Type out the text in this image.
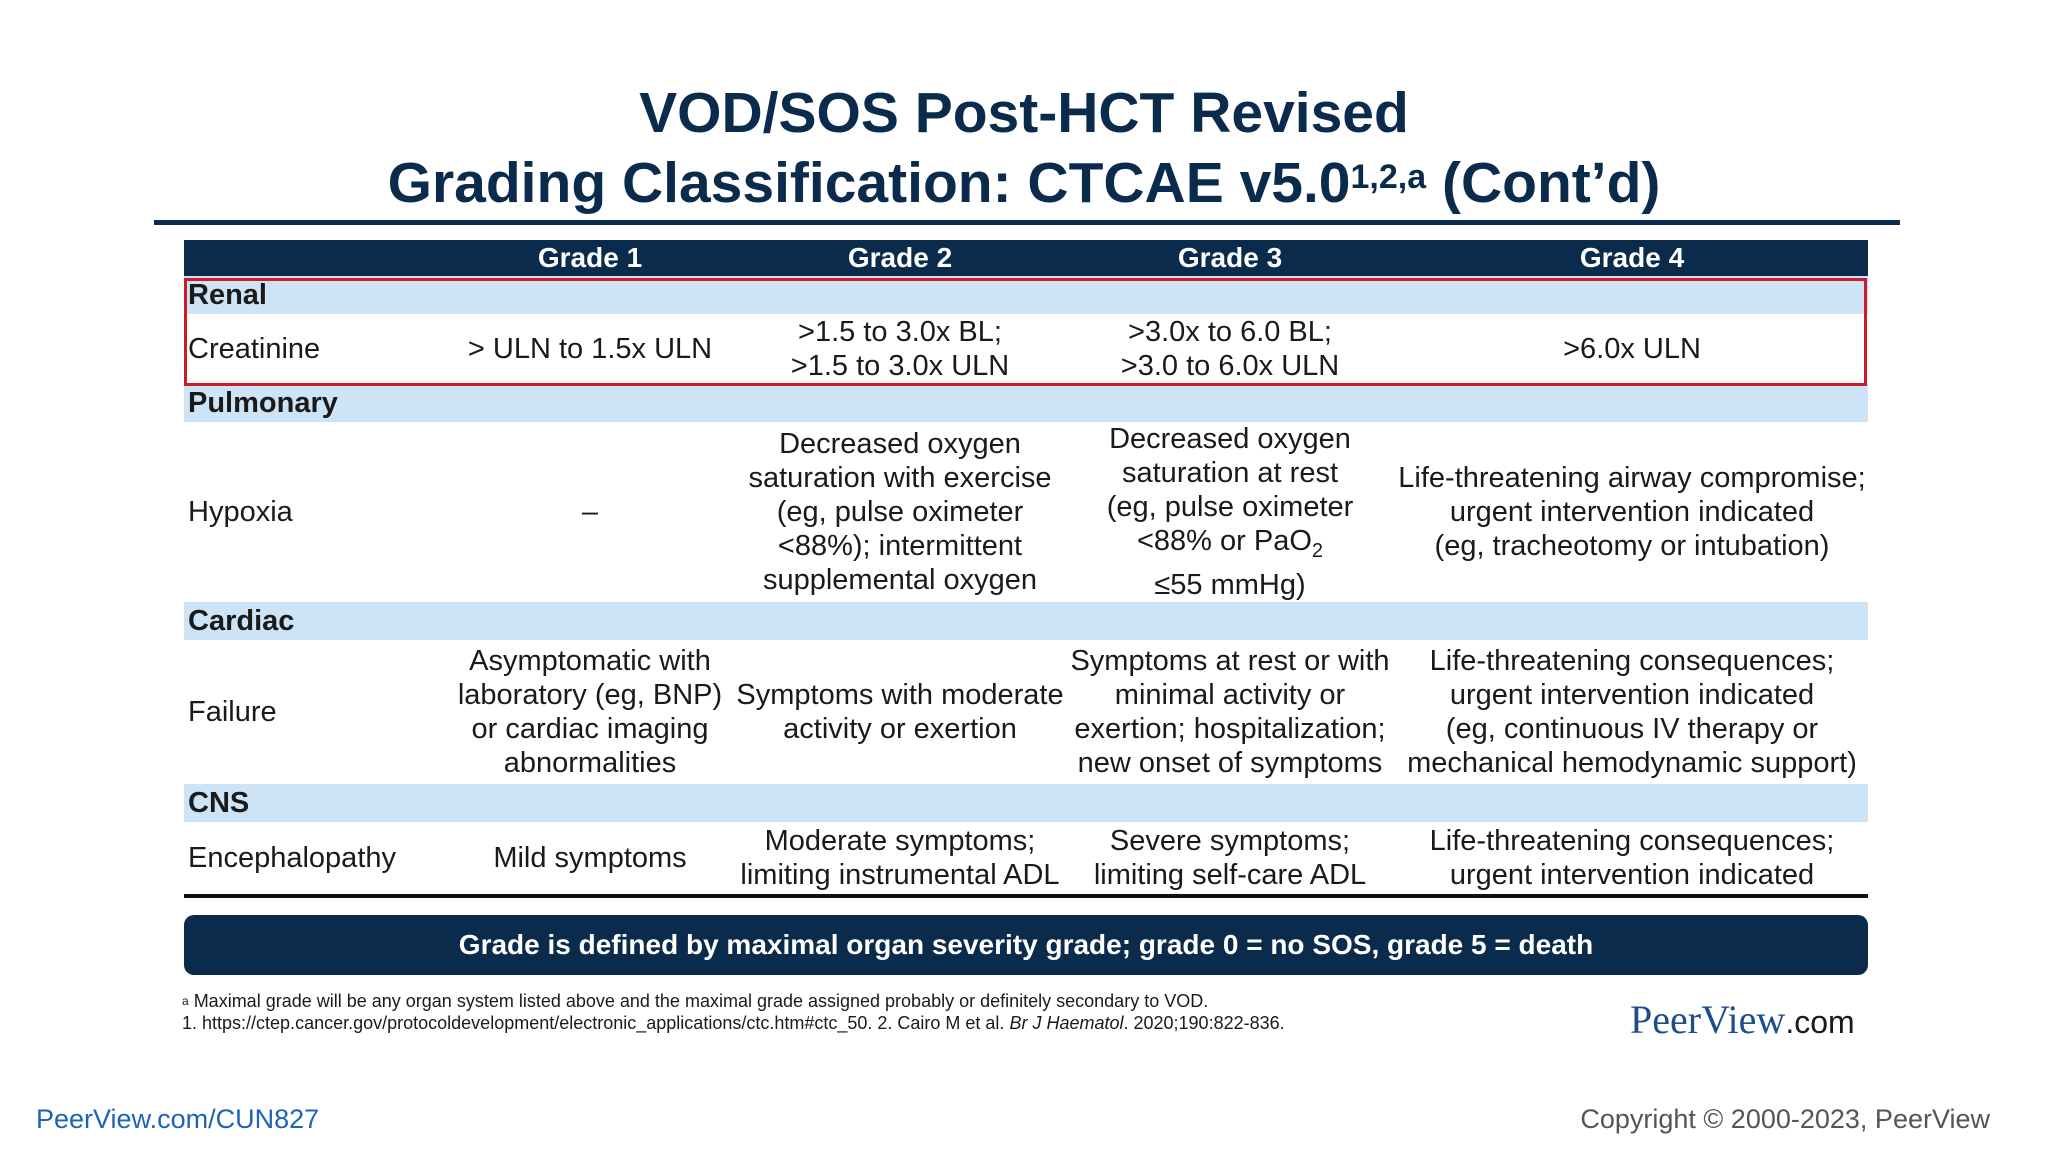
VOD/SOS Post-HCT Revised
Grading Classification: CTCAE v5.0$^{1,2,a}$ (Cont’d)
	Grade 1	Grade 2	Grade 3	Grade 4
Renal				
Creatinine	> ULN to 1.5x ULN	>1.5 to 3.0x BL;
>1.5 to 3.0x ULN	>3.0x to 6.0 BL;
>3.0 to 6.0x ULN	>6.0x ULN
Pulmonary				
Hypoxia	–	Decreased oxygen
saturation with exercise
(eg, pulse oximeter
<88%); intermittent
supplemental oxygen	Decreased oxygen
saturation at rest
(eg, pulse oximeter
<88% or PaO$_2$
≤55 mmHg)	Life-threatening airway compromise;
urgent intervention indicated
(eg, tracheotomy or intubation)
Cardiac				
Failure	Asymptomatic with
laboratory (eg, BNP)
or cardiac imaging
abnormalities	Symptoms with moderate
activity or exertion	Symptoms at rest or with
minimal activity or
exertion; hospitalization;
new onset of symptoms	Life-threatening consequences;
urgent intervention indicated
(eg, continuous IV therapy or
mechanical hemodynamic support)
CNS				
Encephalopathy	Mild symptoms	Moderate symptoms;
limiting instrumental ADL	Severe symptoms;
limiting self-care ADL	Life-threatening consequences;
urgent intervention indicated
Grade is defined by maximal organ severity grade; grade 0 = no SOS, grade 5 = death
$^a$ Maximal grade will be any organ system listed above and the maximal grade assigned probably or definitely secondary to VOD.
1. https://ctep.cancer.gov/protocoldevelopment/electronic_applications/ctc.htm#ctc_50. 2. Cairo M et al. Br J Haematol. 2020;190:822-836.	PeerView.com
PeerView.com/CUN827	Copyright © 2000-2023, PeerView
